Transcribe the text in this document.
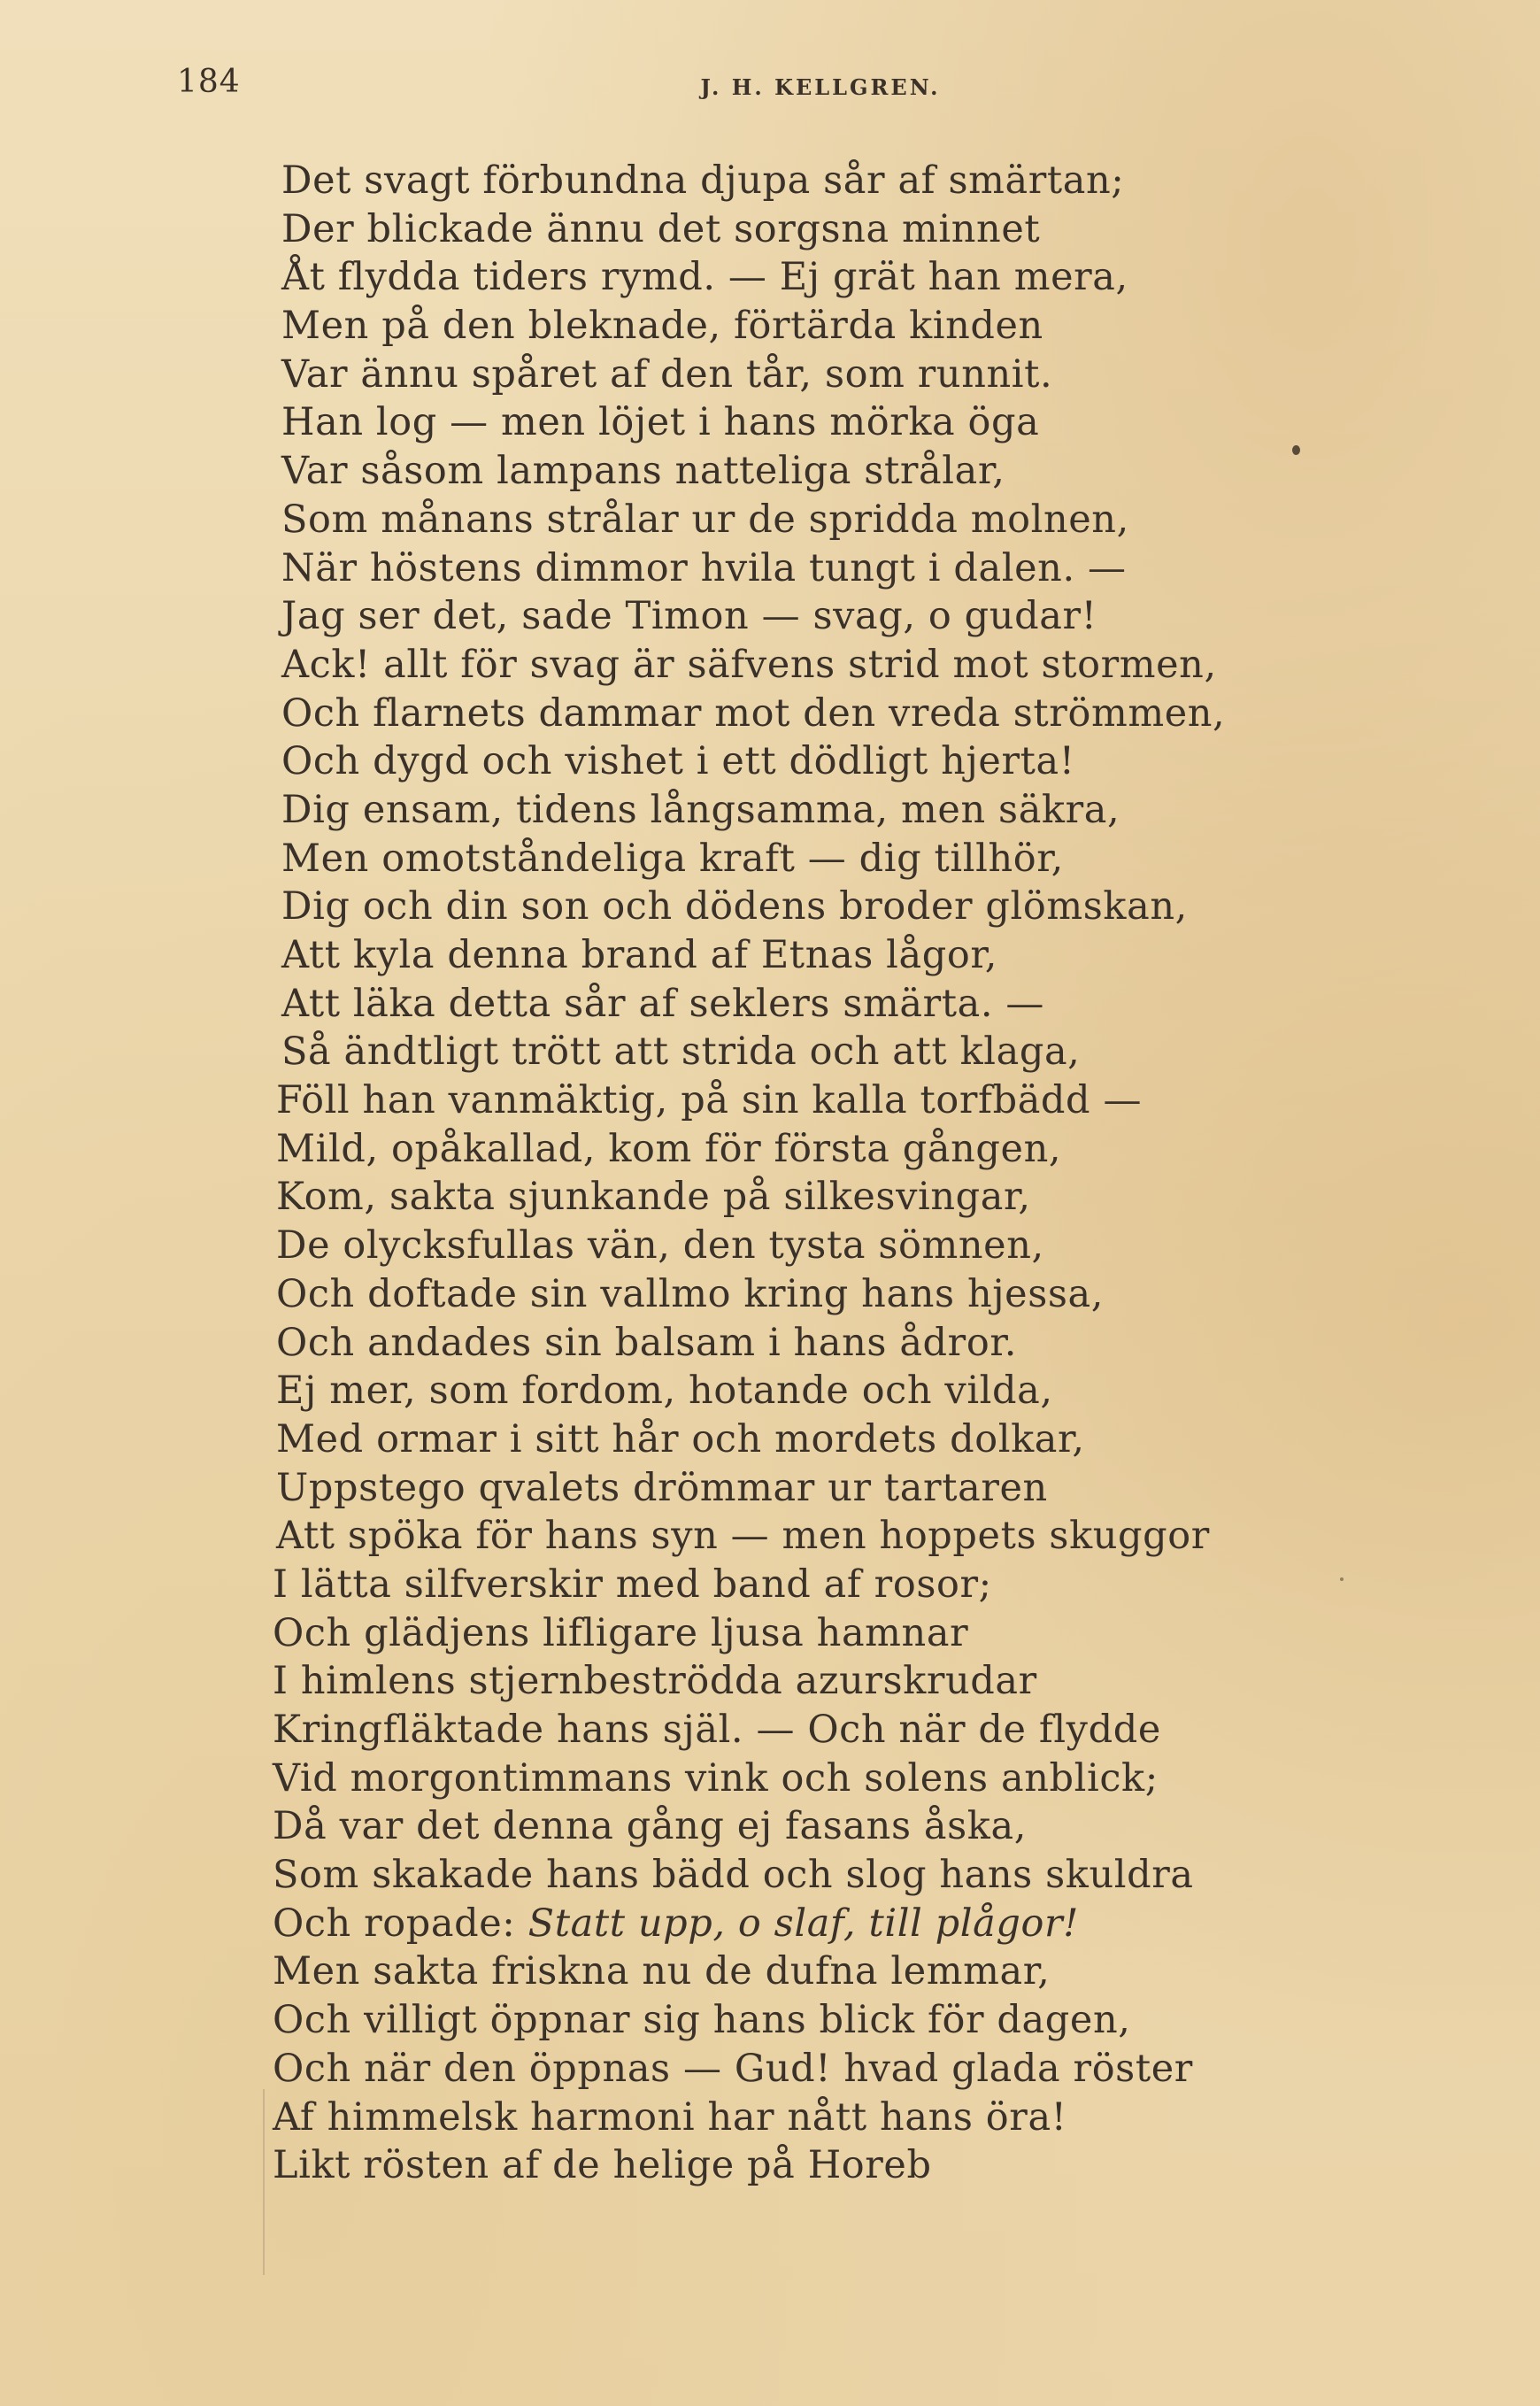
184	J. H. KELLGREN.
Det svagt förbundna djupa sår af smärtan;
Der blickade ännu det sorgsna minnet
Åt flydda tiders rymd. — Ej grät han mera,
Men på den bleknade, förtärda kinden
Var ännu spåret af den tår, som runnit.
Han log — men löjet i hans mörka öga
Var såsom lampans natteliga strålar,
Som månans strålar ur de spridda molnen,
När höstens dimmor hvila tungt i dalen. —
Jag ser det, sade Timon — svag, o gudar!
Ack! allt för svag är säfvens strid mot stormen,
Och flarnets dammar mot den vreda strömmen,
Och dygd och vishet i ett dödligt hjerta!
Dig ensam, tidens långsamma, men säkra,
Men omotståndeliga kraft — dig tillhör,
Dig och din son och dödens broder glömskan,
Att kyla denna brand af Etnas lågor,
Att läka detta sår af seklers smärta. —
Så ändtligt trött att strida och att klaga,
Föll han vanmäktig, på sin kalla torfbädd —
Mild, opåkallad, kom för första gången,
Kom, sakta sjunkande på silkesvingar,
De olycksfullas vän, den tysta sömnen,
Och doftade sin vallmo kring hans hjessa,
Och andades sin balsam i hans ådror.
Ej mer, som fordom, hotande och vilda,
Med ormar i sitt hår och mordets dolkar,
Uppstego qvalets drömmar ur tartaren
Att spöka för hans syn — men hoppets skuggor
I lätta silfverskir med band af rosor;
Och glädjens lifligare ljusa hamnar
I himlens stjernbeströdda azurskrudar
Kringfläktade hans själ. — Och när de flydde
Vid morgontimmans vink och solens anblick;
Då var det denna gång ej fasans åska,
Som skakade hans bädd och slog hans skuldra
Och ropade: Statt upp, o slaf, till plågor!
Men sakta friskna nu de dufna lemmar,
Och villigt öppnar sig hans blick för dagen,
Och när den öppnas — Gud! hvad glada röster
Af himmelsk harmoni har nått hans öra!
Likt rösten af de helige på Horeb
